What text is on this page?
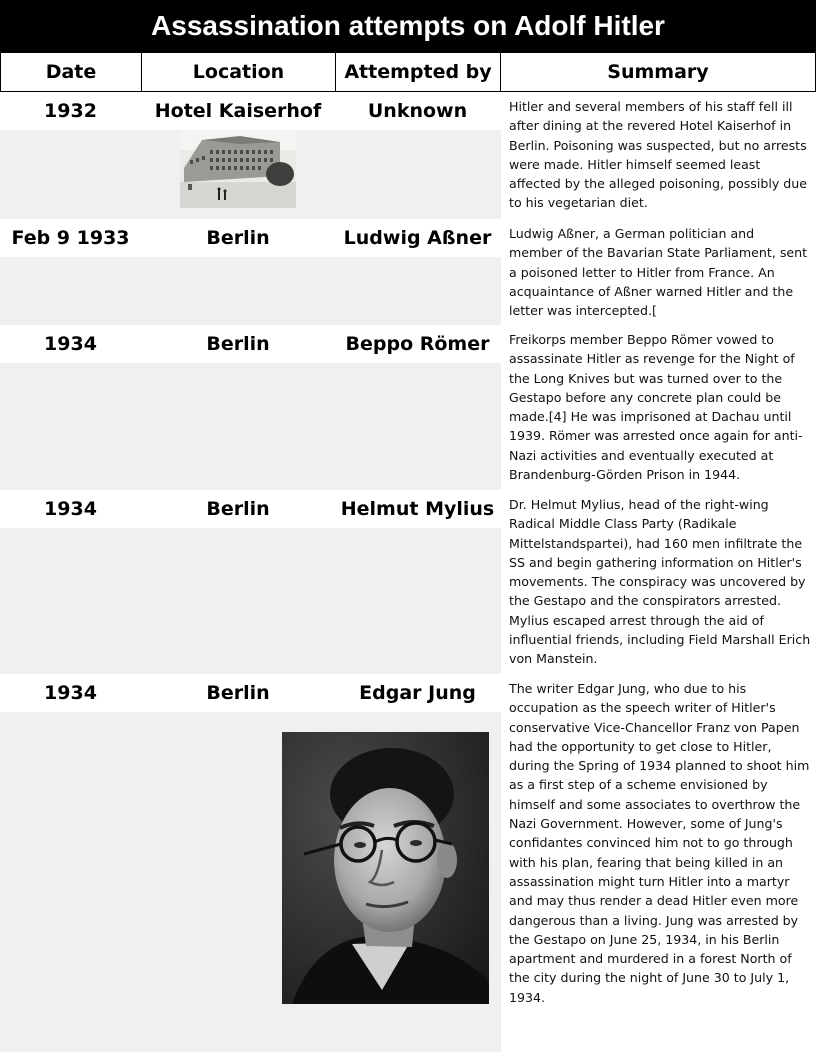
Assassination attempts on Adolf Hitler
Date	Location	Attempted by	Summary
1932	Hotel Kaiserhof	Unknown	Hitler and several members of his staff fell ill after dining at the revered Hotel Kaiserhof in Berlin. Poisoning was suspected, but no arrests were made. Hitler himself seemed least affected by the alleged poisoning, possibly due to his vegetarian diet.
Feb 9 1933	Berlin	Ludwig Aßner	Ludwig Aßner, a German politician and member of the Bavarian State Parliament, sent a poisoned letter to Hitler from France. An acquaintance of Aßner warned Hitler and the letter was intercepted.[
1934	Berlin	Beppo Römer	Freikorps member Beppo Römer vowed to assassinate Hitler as revenge for the Night of the Long Knives but was turned over to the Gestapo before any concrete plan could be made.[4] He was imprisoned at Dachau until 1939. Römer was arrested once again for anti-Nazi activities and eventually executed at Brandenburg-Görden Prison in 1944.
1934	Berlin	Helmut Mylius	Dr. Helmut Mylius, head of the right-wing Radical Middle Class Party (Radikale Mittelstandspartei), had 160 men infiltrate the SS and begin gathering information on Hitler's movements. The conspiracy was uncovered by the Gestapo and the conspirators arrested. Mylius escaped arrest through the aid of influential friends, including Field Marshall Erich von Manstein.
1934	Berlin	Edgar Jung	The writer Edgar Jung, who due to his occupation as the speech writer of Hitler's conservative Vice-Chancellor Franz von Papen had the opportunity to get close to Hitler, during the Spring of 1934 planned to shoot him as a first step of a scheme envisioned by himself and some associates to overthrow the Nazi Government. However, some of Jung's confidantes convinced him not to go through with his plan, fearing that being killed in an assassination might turn Hitler into a martyr and may thus render a dead Hitler even more dangerous than a living. Jung was arrested by the Gestapo on June 25, 1934, in his Berlin apartment and murdered in a forest North of the city during the night of June 30 to July 1, 1934.
